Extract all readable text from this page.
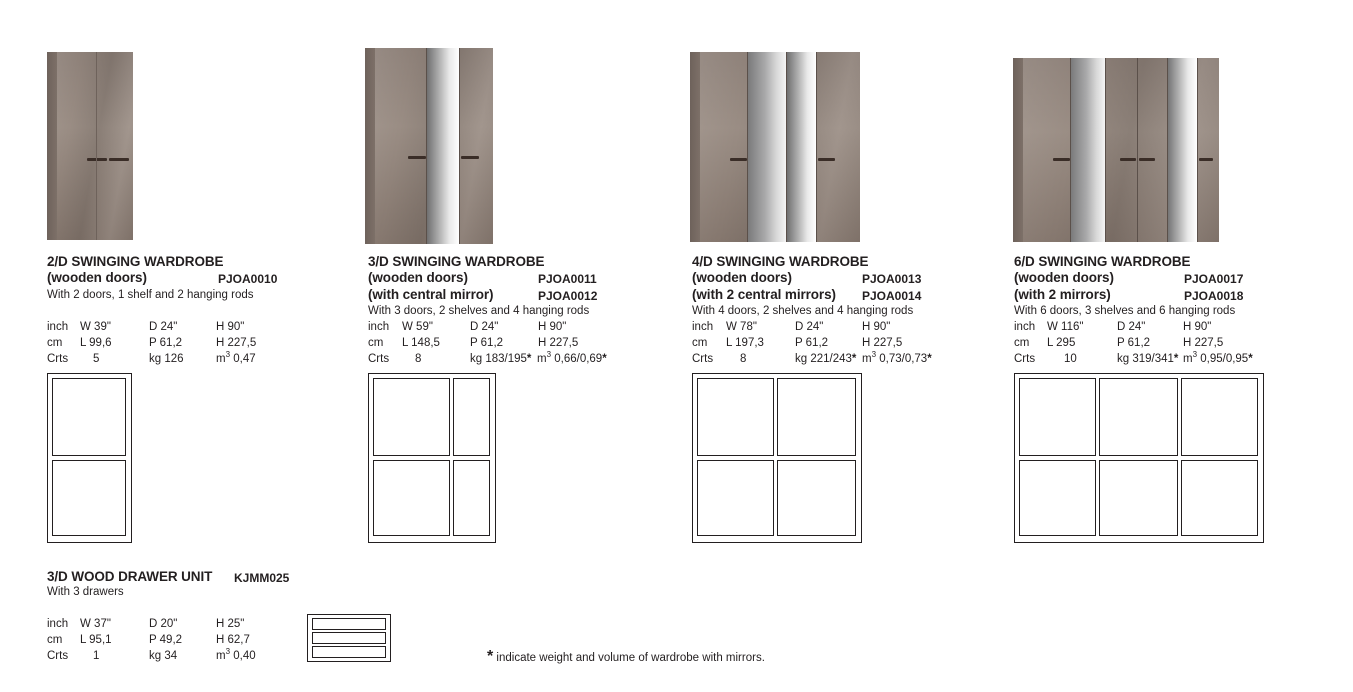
2/D SWINGING WARDROBE
(wooden doors)	PJOA0010
With 2 doors, 1 shelf and 2 hanging rods
inch W 39"	D 24"	H 90"
cm L 99,6	P 61,2	H 227,5
Crts 5	kg 126	$m^3$ 0,47
3/D SWINGING WARDROBE
(wooden doors)	PJOA0011
(with central mirror)	PJOA0012
With 3 doors, 2 shelves and 4 hanging rods
inch W 59"	D 24"	H 90"
cm L 148,5	P 61,2	H 227,5
Crts 8	kg 183/195* $m^3$ 0,66/0,69*
4/D SWINGING WARDROBE
(wooden doors)	PJOA0013
(with 2 central mirrors) PJOA0014
With 4 doors, 2 shelves and 4 hanging rods
inch W 78"	D 24"	H 90"
cm L 197,3	P 61,2	H 227,5
Crts 8	kg 221/243* $m^3$ 0,73/0,73*
6/D SWINGING WARDROBE
(wooden doors)	PJOA0017
(with 2 mirrors)	PJOA0018
With 6 doors, 3 shelves and 6 hanging rods
inch W 116"	D 24"	H 90"
cm L 295	P 61,2	H 227,5
Crts	10	kg 319/341* $m^3$ 0,95/0,95*
3/D WOOD DRAWER UNIT KJMM025
With 3 drawers
inch W 37"	D 20"	H 25"
cm L 95,1	P 49,2	H 62,7
Crts 1	kg 34	$m^3$ 0,40	* indicate weight and volume of wardrobe with mirrors.
